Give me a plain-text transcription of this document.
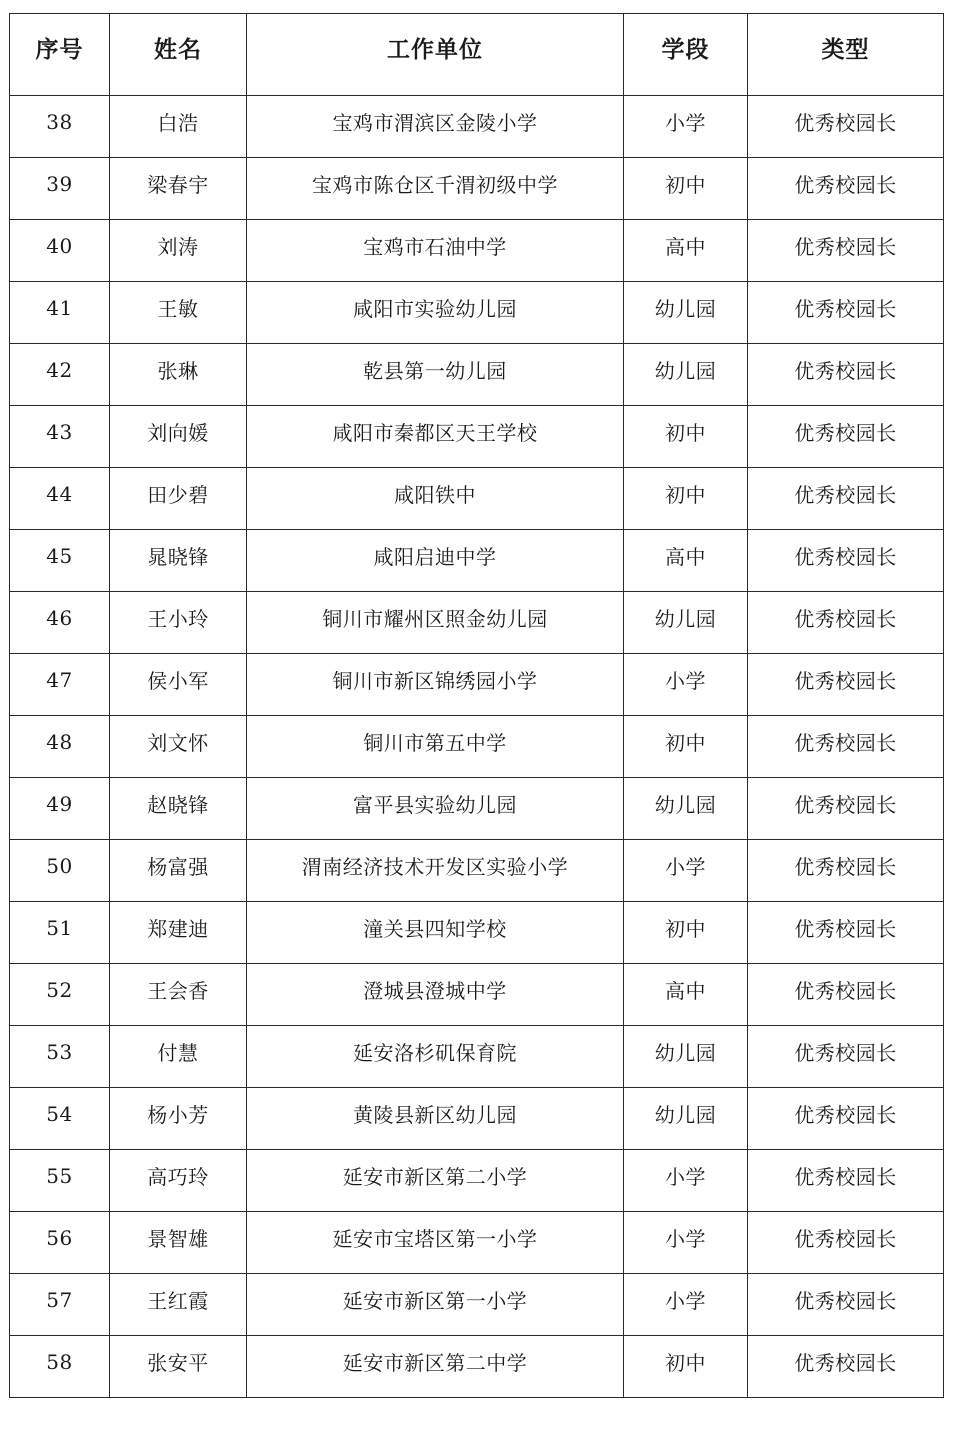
序号	姓名	工作单位	学段	类型
38	白浩	宝鸡市渭滨区金陵小学	小学	优秀校园长
39	梁春宇	宝鸡市陈仓区千渭初级中学	初中	优秀校园长
40	刘涛	宝鸡市石油中学	高中	优秀校园长
41	王敏	咸阳市实验幼儿园	幼儿园	优秀校园长
42	张琳	乾县第一幼儿园	幼儿园	优秀校园长
43	刘向媛	咸阳市秦都区天王学校	初中	优秀校园长
44	田少碧	咸阳铁中	初中	优秀校园长
45	晁晓锋	咸阳启迪中学	高中	优秀校园长
46	王小玲	铜川市耀州区照金幼儿园	幼儿园	优秀校园长
47	侯小军	铜川市新区锦绣园小学	小学	优秀校园长
48	刘文怀	铜川市第五中学	初中	优秀校园长
49	赵晓锋	富平县实验幼儿园	幼儿园	优秀校园长
50	杨富强	渭南经济技术开发区实验小学	小学	优秀校园长
51	郑建迪	潼关县四知学校	初中	优秀校园长
52	王会香	澄城县澄城中学	高中	优秀校园长
53	付慧	延安洛杉矶保育院	幼儿园	优秀校园长
54	杨小芳	黄陵县新区幼儿园	幼儿园	优秀校园长
55	高巧玲	延安市新区第二小学	小学	优秀校园长
56	景智雄	延安市宝塔区第一小学	小学	优秀校园长
57	王红霞	延安市新区第一小学	小学	优秀校园长
58	张安平	延安市新区第二中学	初中	优秀校园长
